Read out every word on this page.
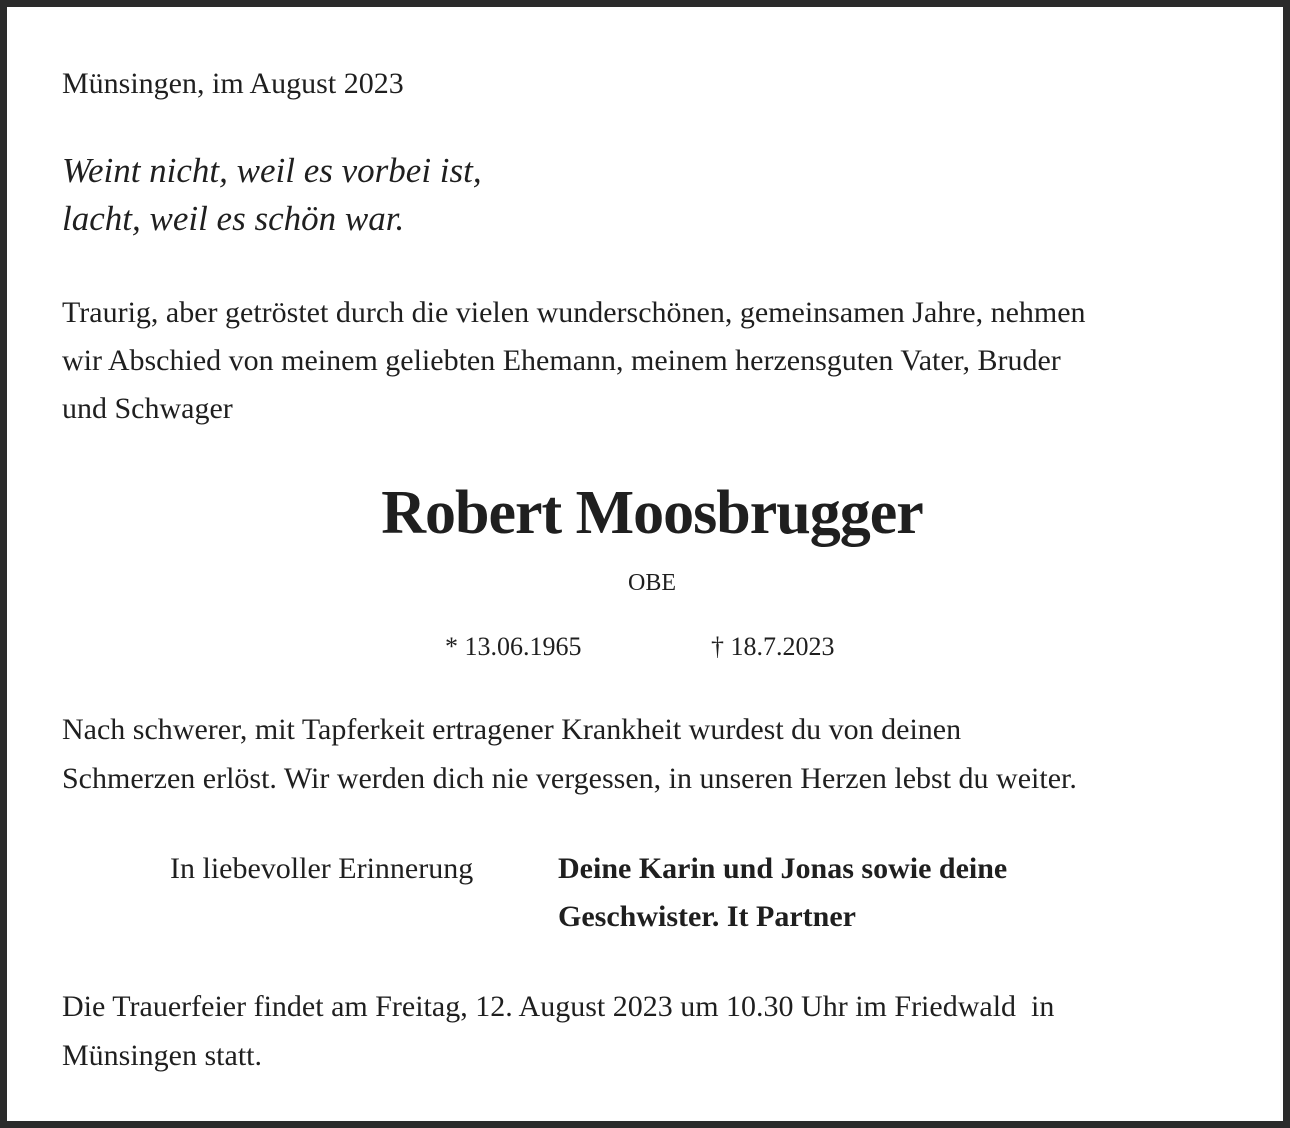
Münsingen, im August 2023
Weint nicht, weil es vorbei ist,
lacht, weil es schön war.
Traurig, aber getröstet durch die vielen wunderschönen, gemeinsamen Jahre, nehmen
wir Abschied von meinem geliebten Ehemann, meinem herzensguten Vater, Bruder
und Schwager
Robert Moosbrugger
OBE
* 13.06.1965	† 18.7.2023
Nach schwerer, mit Tapferkeit ertragener Krankheit wurdest du von deinen
Schmerzen erlöst. Wir werden dich nie vergessen, in unseren Herzen lebst du weiter.
In liebevoller Erinnerung	Deine Karin und Jonas sowie deine
Geschwister. It Partner
Die Trauerfeier findet am Freitag, 12. August 2023 um 10.30 Uhr im Friedwald  in
Münsingen statt.
